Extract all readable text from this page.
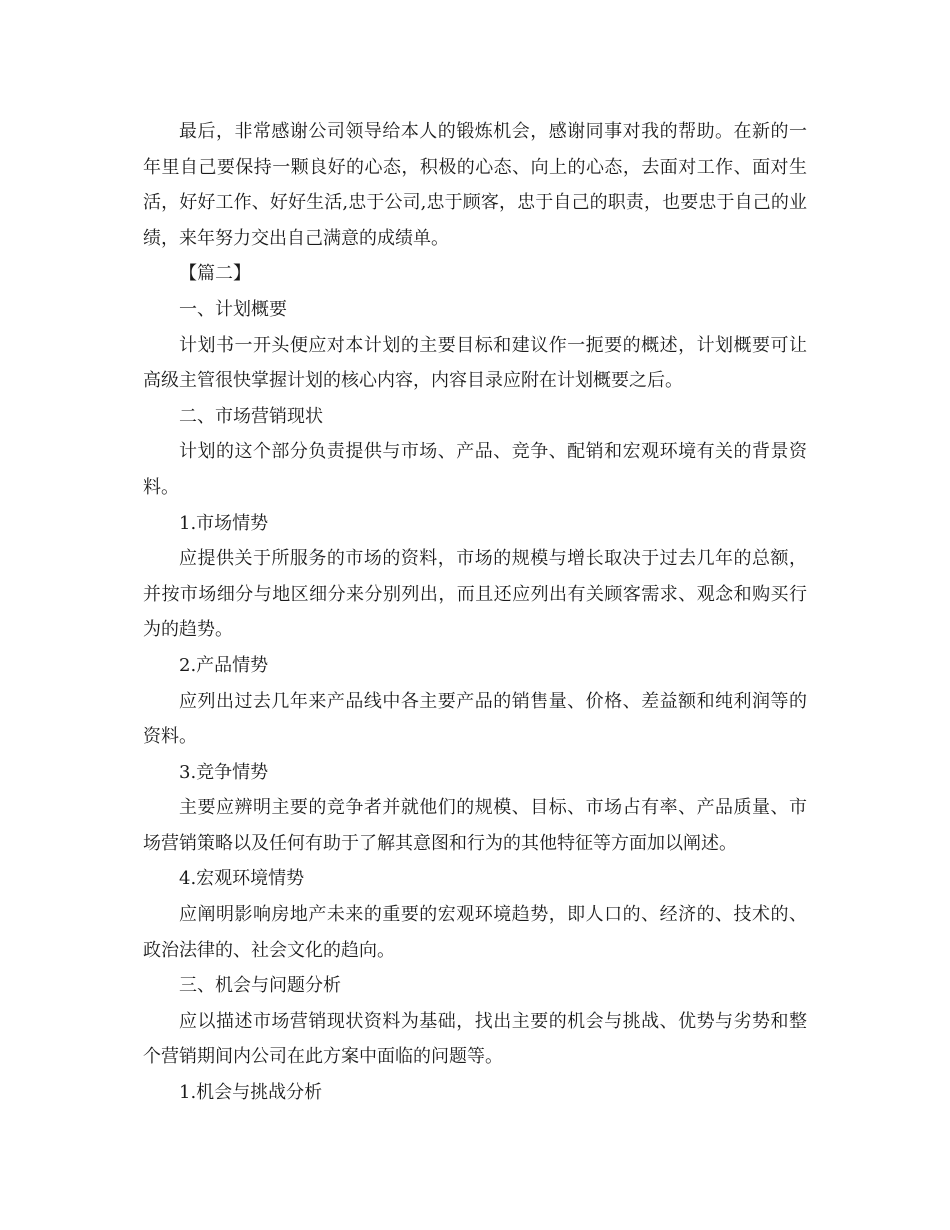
最后，非常感谢公司领导给本人的锻炼机会，感谢同事对我的帮助。在新的一年里自己要保持一颗良好的心态，积极的心态、向上的心态，去面对工作、面对生活，好好工作、好好生活,忠于公司,忠于顾客，忠于自己的职责，也要忠于自己的业绩，来年努力交出自己满意的成绩单。

【篇二】

一、计划概要

计划书一开头便应对本计划的主要目标和建议作一扼要的概述，计划概要可让高级主管很快掌握计划的核心内容，内容目录应附在计划概要之后。

二、市场营销现状

计划的这个部分负责提供与市场、产品、竞争、配销和宏观环境有关的背景资料。

1.市场情势

应提供关于所服务的市场的资料，市场的规模与增长取决于过去几年的总额，并按市场细分与地区细分来分别列出，而且还应列出有关顾客需求、观念和购买行为的趋势。

2.产品情势

应列出过去几年来产品线中各主要产品的销售量、价格、差益额和纯利润等的资料。

3.竞争情势

主要应辨明主要的竞争者并就他们的规模、目标、市场占有率、产品质量、市场营销策略以及任何有助于了解其意图和行为的其他特征等方面加以阐述。

4.宏观环境情势

应阐明影响房地产未来的重要的宏观环境趋势，即人口的、经济的、技术的、政治法律的、社会文化的趋向。

三、机会与问题分析

应以描述市场营销现状资料为基础，找出主要的机会与挑战、优势与劣势和整个营销期间内公司在此方案中面临的问题等。

1.机会与挑战分析
